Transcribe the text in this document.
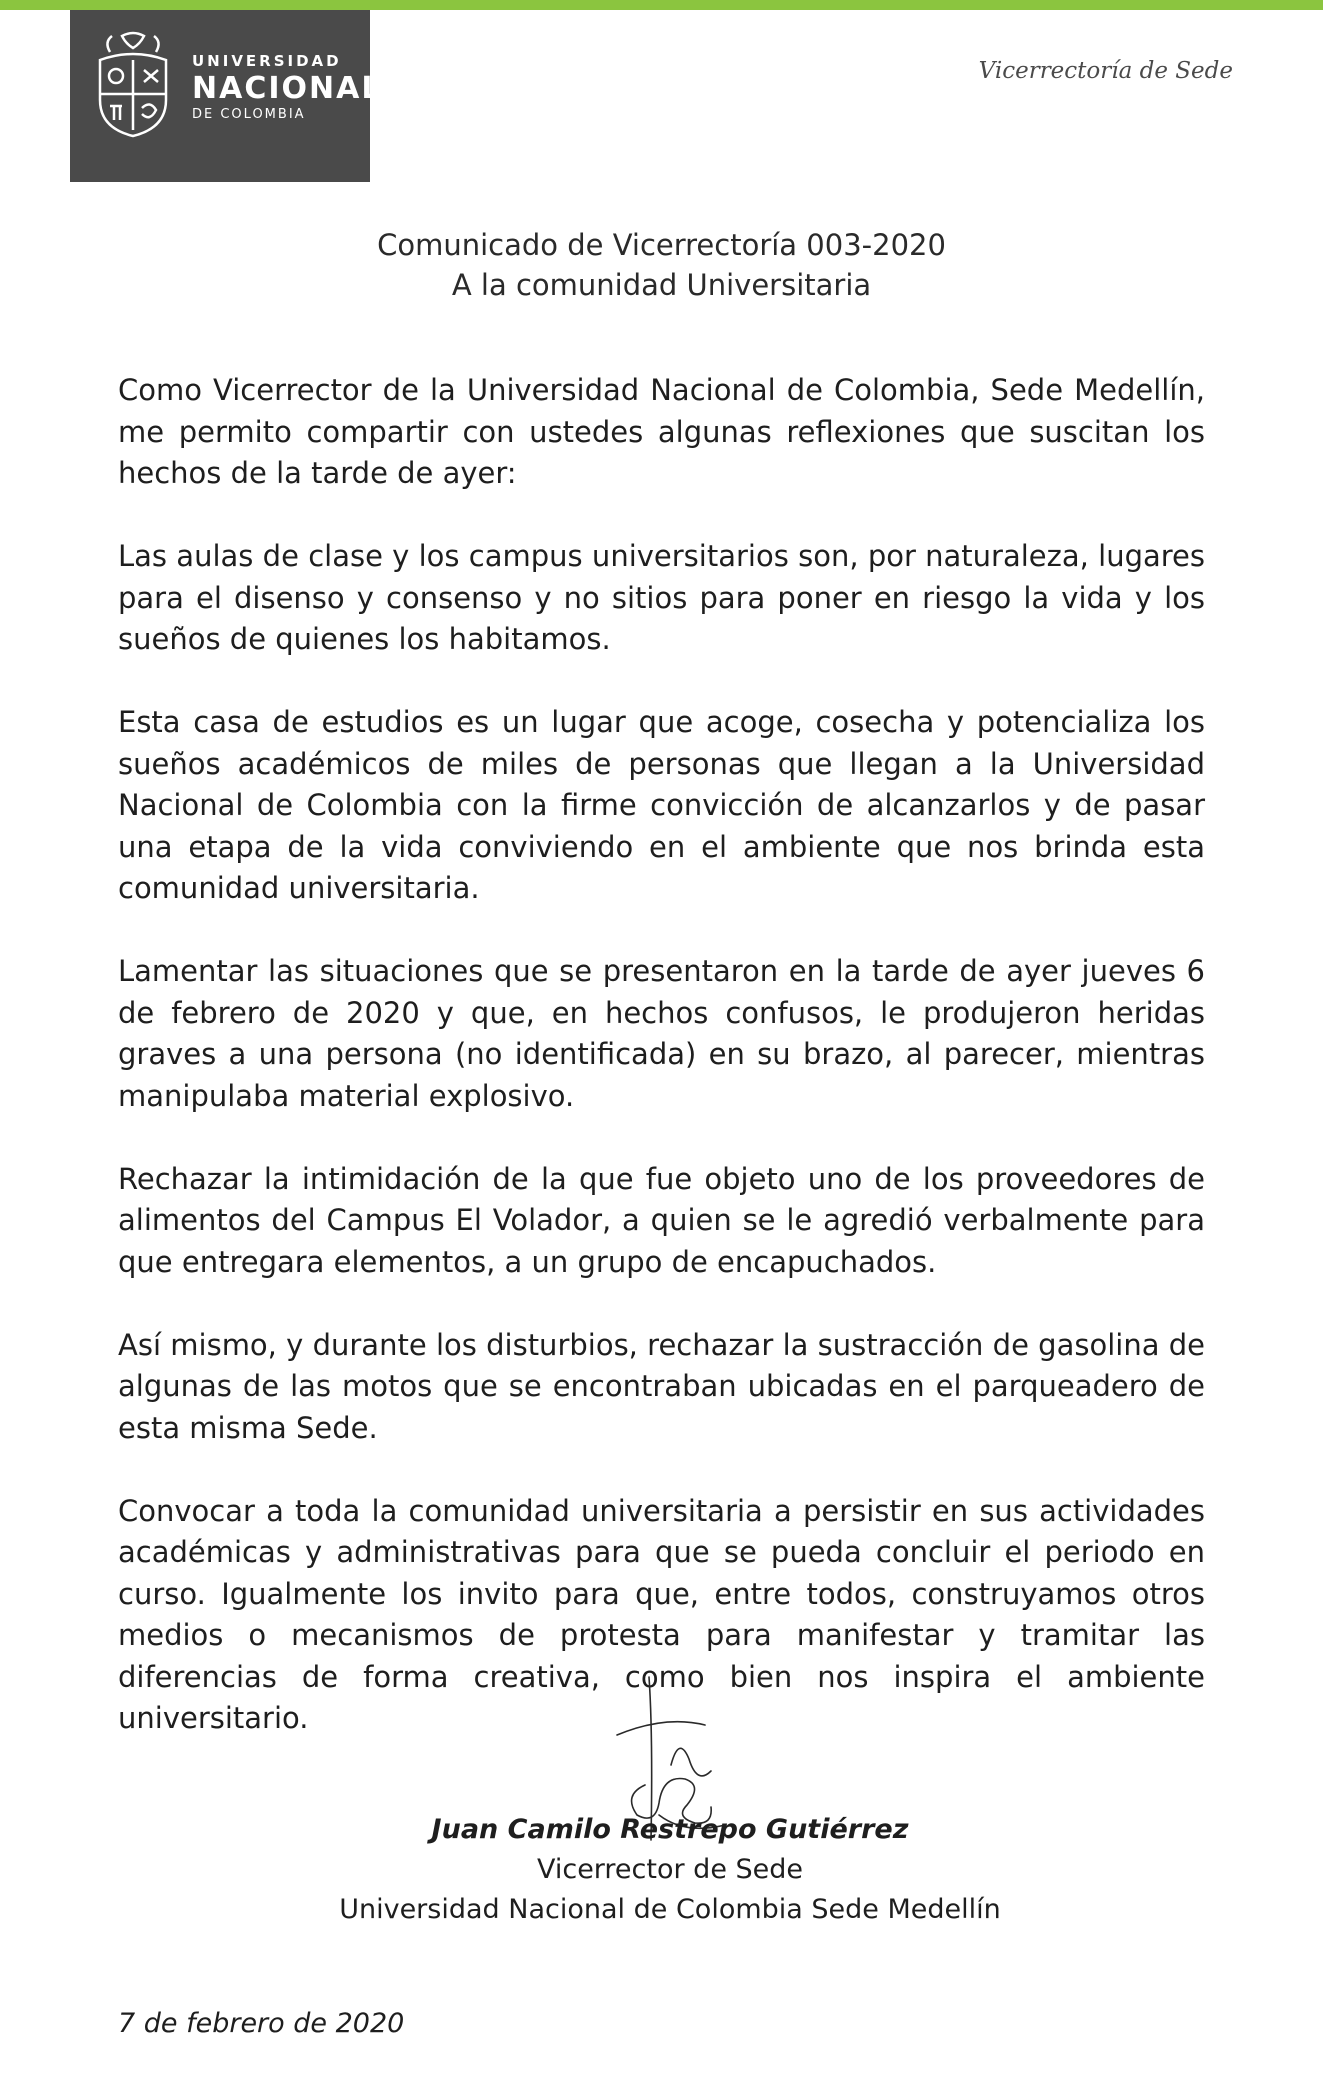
UNIVERSIDAD
NACIONAL
DE COLOMBIA
Vicerrectoría de Sede
Comunicado de Vicerrectoría 003-2020
A la comunidad Universitaria

Como Vicerrector de la Universidad Nacional de Colombia, Sede Medellín, me permito compartir con ustedes algunas reflexiones que suscitan los hechos de la tarde de ayer:

Las aulas de clase y los campus universitarios son, por naturaleza, lugares para el disenso y consenso y no sitios para poner en riesgo la vida y los sueños de quienes los habitamos.

Esta casa de estudios es un lugar que acoge, cosecha y potencializa los sueños académicos de miles de personas que llegan a la Universidad Nacional de Colombia con la firme convicción de alcanzarlos y de pasar una etapa de la vida conviviendo en el ambiente que nos brinda esta comunidad universitaria.

Lamentar las situaciones que se presentaron en la tarde de ayer jueves 6 de febrero de 2020 y que, en hechos confusos, le produjeron heridas graves a una persona (no identificada) en su brazo, al parecer, mientras manipulaba material explosivo.

Rechazar la intimidación de la que fue objeto uno de los proveedores de alimentos del Campus El Volador, a quien se le agredió verbalmente para que entregara elementos, a un grupo de encapuchados.

Así mismo, y durante los disturbios, rechazar la sustracción de gasolina de algunas de las motos que se encontraban ubicadas en el parqueadero de esta misma Sede.

Convocar a toda la comunidad universitaria a persistir en sus actividades académicas y administrativas para que se pueda concluir el periodo en curso. Igualmente los invito para que, entre todos, construyamos otros medios o mecanismos de protesta para manifestar y tramitar las diferencias de forma creativa, como bien nos inspira el ambiente universitario.

Juan Camilo Restrepo Gutiérrez
Vicerrector de Sede
Universidad Nacional de Colombia Sede Medellín
7 de febrero de 2020
